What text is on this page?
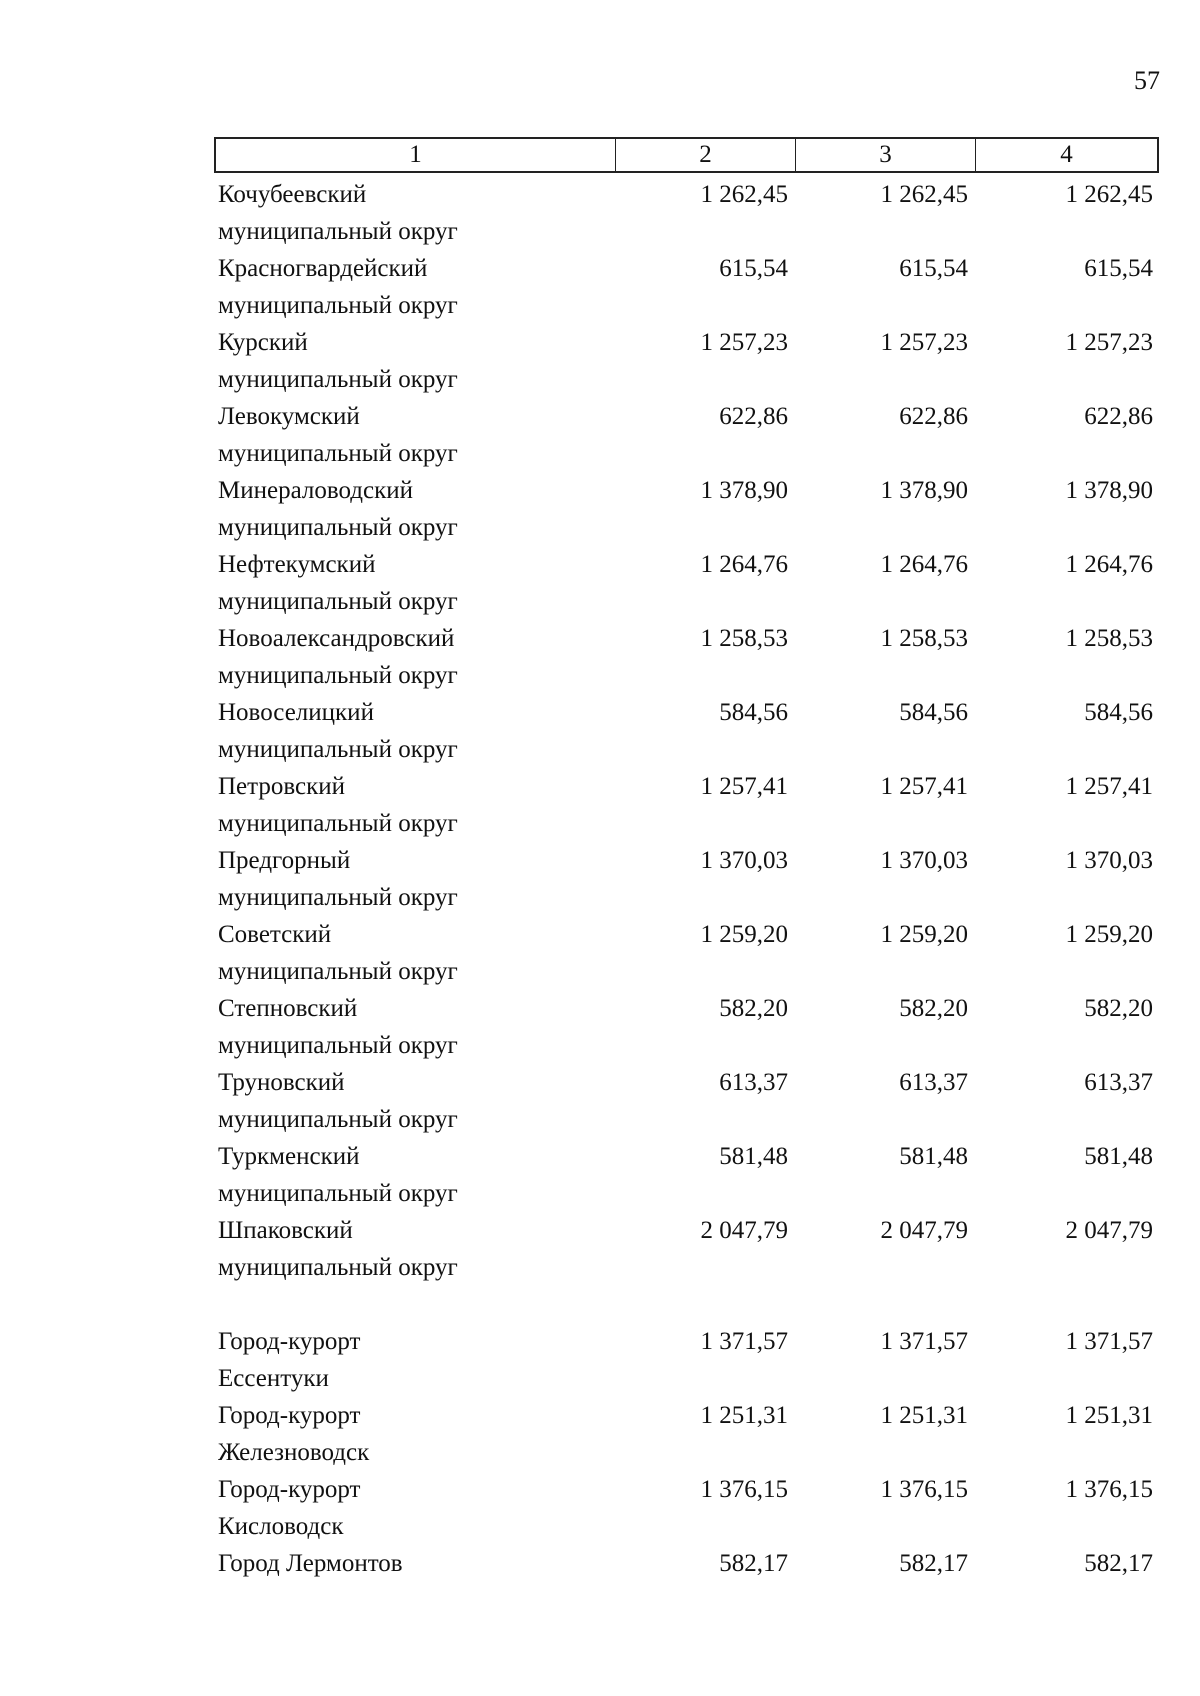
57
1	2	3	4
Кочубеевский
муниципальный округ
1 262,45	1 262,45	1 262,45
Красногвардейский
муниципальный округ
615,54	615,54	615,54
Курский
муниципальный округ
1 257,23	1 257,23	1 257,23
Левокумский
муниципальный округ
622,86	622,86	622,86
Минераловодский
муниципальный округ
1 378,90	1 378,90	1 378,90
Нефтекумский
муниципальный округ
1 264,76	1 264,76	1 264,76
Новоалександровский
муниципальный округ
1 258,53	1 258,53	1 258,53
Новоселицкий
муниципальный округ
584,56	584,56	584,56
Петровский
муниципальный округ
1 257,41	1 257,41	1 257,41
Предгорный
муниципальный округ
1 370,03	1 370,03	1 370,03
Советский
муниципальный округ
1 259,20	1 259,20	1 259,20
Степновский
муниципальный округ
582,20	582,20	582,20
Труновский
муниципальный округ
613,37	613,37	613,37
Туркменский
муниципальный округ
581,48	581,48	581,48
Шпаковский
муниципальный округ
2 047,79	2 047,79	2 047,79
Город-курорт
Ессентуки
1 371,57	1 371,57	1 371,57
Город-курорт
Железноводск
1 251,31	1 251,31	1 251,31
Город-курорт
Кисловодск
1 376,15	1 376,15	1 376,15
Город Лермонтов	582,17	582,17	582,17
